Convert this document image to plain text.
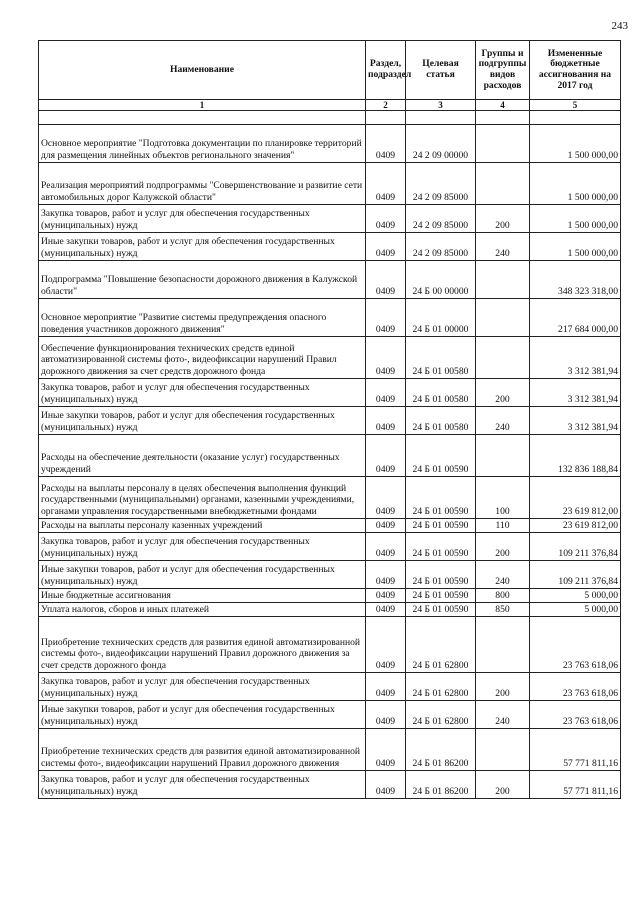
243
Наименование	Раздел, подраздел	Целевая статья	Группы и подгруппы видов расходов	Измененные бюджетные ассигнования на 2017 год
1	2	3	4	5

Основное мероприятие "Подготовка документации по планировке территорий для размещения линейных объектов регионального значения"	0409	24 2 09 00000		1 500 000,00
Реализация мероприятий подпрограммы "Совершенствование и развитие сети автомобильных дорог Калужской области"	0409	24 2 09 85000		1 500 000,00
Закупка товаров, работ и услуг для обеспечения государственных (муниципальных) нужд	0409	24 2 09 85000	200	1 500 000,00
Иные закупки товаров, работ и услуг для обеспечения государственных (муниципальных) нужд	0409	24 2 09 85000	240	1 500 000,00
Подпрограмма "Повышение безопасности дорожного движения в Калужской области"	0409	24 Б 00 00000		348 323 318,00
Основное мероприятие "Развитие системы предупреждения опасного поведения участников дорожного движения"	0409	24 Б 01 00000		217 684 000,00
Обеспечение функционирования технических средств единой автоматизированной системы фото-, видеофиксации нарушений Правил дорожного движения за счет средств дорожного фонда	0409	24 Б 01 00580		3 312 381,94
Закупка товаров, работ и услуг для обеспечения государственных (муниципальных) нужд	0409	24 Б 01 00580	200	3 312 381,94
Иные закупки товаров, работ и услуг для обеспечения государственных (муниципальных) нужд	0409	24 Б 01 00580	240	3 312 381,94
Расходы на обеспечение деятельности (оказание услуг) государственных учреждений	0409	24 Б 01 00590		132 836 188,84
Расходы на выплаты персоналу в целях обеспечения выполнения функций государственными (муниципальными) органами, казенными учреждениями, органами управления государственными внебюджетными фондами	0409	24 Б 01 00590	100	23 619 812,00
Расходы на выплаты персоналу казенных учреждений	0409	24 Б 01 00590	110	23 619 812,00
Закупка товаров, работ и услуг для обеспечения государственных (муниципальных) нужд	0409	24 Б 01 00590	200	109 211 376,84
Иные закупки товаров, работ и услуг для обеспечения государственных (муниципальных) нужд	0409	24 Б 01 00590	240	109 211 376,84
Иные бюджетные ассигнования	0409	24 Б 01 00590	800	5 000,00
Уплата налогов, сборов и иных платежей	0409	24 Б 01 00590	850	5 000,00
Приобретение технических средств для развития единой автоматизированной системы фото-, видеофиксации нарушений Правил дорожного движения за счет средств дорожного фонда	0409	24 Б 01 62800		23 763 618,06
Закупка товаров, работ и услуг для обеспечения государственных (муниципальных) нужд	0409	24 Б 01 62800	200	23 763 618,06
Иные закупки товаров, работ и услуг для обеспечения государственных (муниципальных) нужд	0409	24 Б 01 62800	240	23 763 618,06
Приобретение технических средств для развития единой автоматизированной системы фото-, видеофиксации нарушений Правил дорожного движения	0409	24 Б 01 86200		57 771 811,16
Закупка товаров, работ и услуг для обеспечения государственных (муниципальных) нужд	0409	24 Б 01 86200	200	57 771 811,16
